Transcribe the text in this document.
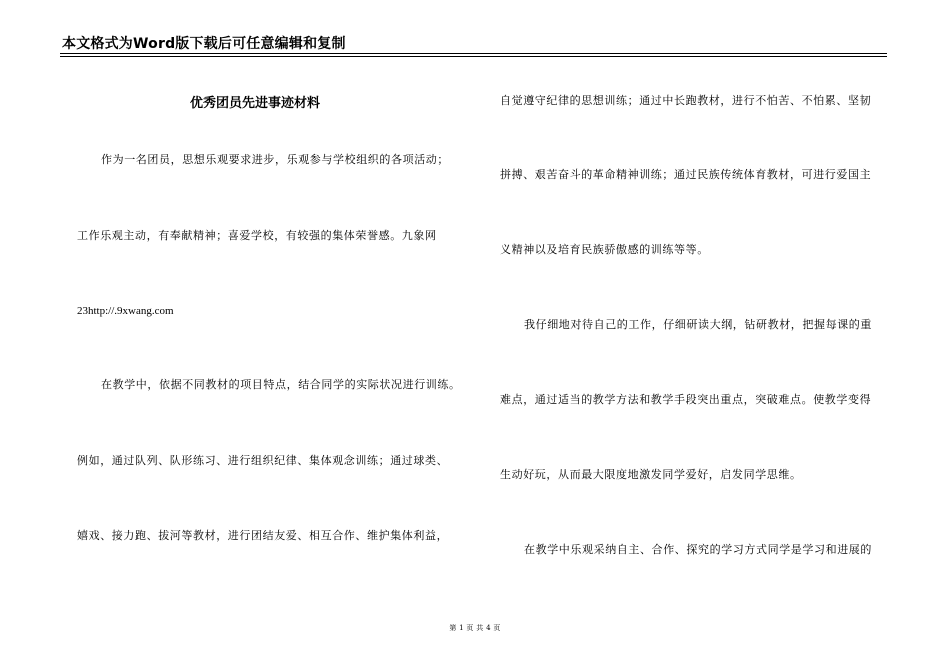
本文格式为Word版下载后可任意编辑和复制
优秀团员先进事迹材料
作为一名团员，思想乐观要求进步，乐观参与学校组织的各项活动；
工作乐观主动，有奉献精神；喜爱学校，有较强的集体荣誉感。九象网
23http://.9xwang.com
在教学中，依据不同教材的项目特点，结合同学的实际状况进行训练。
例如，通过队列、队形练习、进行组织纪律、集体观念训练；通过球类、
嬉戏、接力跑、拔河等教材，进行团结友爱、相互合作、维护集体利益，
自觉遵守纪律的思想训练；通过中长跑教材，进行不怕苦、不怕累、坚韧
拼搏、艰苦奋斗的革命精神训练；通过民族传统体育教材，可进行爱国主
义精神以及培育民族骄傲感的训练等等。
我仔细地对待自己的工作，仔细研读大纲，钻研教材，把握每课的重
难点，通过适当的教学方法和教学手段突出重点，突破难点。使教学变得
生动好玩，从而最大限度地激发同学爱好，启发同学思维。
在教学中乐观采纳自主、合作、探究的学习方式同学是学习和进展的
第 1 页 共 4 页
